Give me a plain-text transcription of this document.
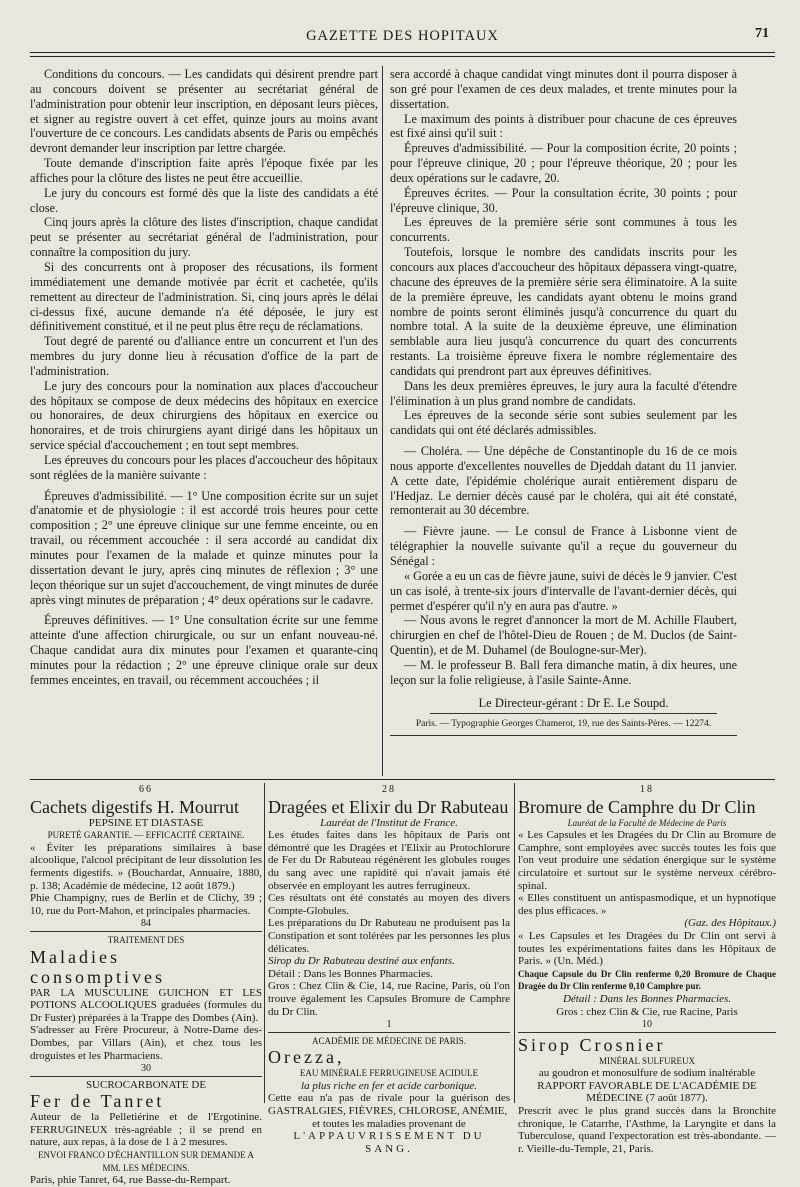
GAZETTE DES HOPITAUX	71

Conditions du concours. — Les candidats qui désirent prendre part au concours doivent se présenter au secrétariat général de l'administration pour obtenir leur inscription, en déposant leurs pièces, et signer au registre ouvert à cet effet, quinze jours au moins avant l'ouverture de ce concours. Les candidats absents de Paris ou empêchés devront demander leur inscription par lettre chargée.

Toute demande d'inscription faite après l'époque fixée par les affiches pour la clôture des listes ne peut être accueillie.

Le jury du concours est formé dès que la liste des candidats a été close.

Cinq jours après la clôture des listes d'inscription, chaque candidat peut se présenter au secrétariat général de l'administration, pour connaître la composition du jury.

Si des concurrents ont à proposer des récusations, ils forment immédiatement une demande motivée par écrit et cachetée, qu'ils remettent au directeur de l'administration. Si, cinq jours après le délai ci-dessus fixé, aucune demande n'a été déposée, le jury est définitivement constitué, et il ne peut plus être reçu de réclamations.

Tout degré de parenté ou d'alliance entre un concurrent et l'un des membres du jury donne lieu à récusation d'office de la part de l'administration.

Le jury des concours pour la nomination aux places d'accoucheur des hôpitaux se compose de deux médecins des hôpitaux en exercice ou honoraires, de deux chirurgiens des hôpitaux en exercice ou honoraires, et de trois chirurgiens ayant dirigé dans les hôpitaux un service spécial d'accouchement ; en tout sept membres.

Les épreuves du concours pour les places d'accoucheur des hôpitaux sont réglées de la manière suivante :

Épreuves d'admissibilité. — 1° Une composition écrite sur un sujet d'anatomie et de physiologie : il est accordé trois heures pour cette composition ; 2° une épreuve clinique sur une femme enceinte, ou en travail, ou récemment accouchée : il sera accordé au candidat dix minutes pour l'examen de la malade et quinze minutes pour la dissertation devant le jury, après cinq minutes de réflexion ; 3° une leçon théorique sur un sujet d'accouchement, de vingt minutes de durée après vingt minutes de préparation ; 4° deux opérations sur le cadavre.

Épreuves définitives. — 1° Une consultation écrite sur une femme atteinte d'une affection chirurgicale, ou sur un enfant nouveau-né. Chaque candidat aura dix minutes pour l'examen et quarante-cinq minutes pour la rédaction ; 2° une épreuve clinique orale sur deux femmes enceintes, en travail, ou récemment accouchées ; il

sera accordé à chaque candidat vingt minutes dont il pourra disposer à son gré pour l'examen de ces deux malades, et trente minutes pour la dissertation.

Le maximum des points à distribuer pour chacune de ces épreuves est fixé ainsi qu'il suit :

Épreuves d'admissibilité. — Pour la composition écrite, 20 points ; pour l'épreuve clinique, 20 ; pour l'épreuve théorique, 20 ; pour les deux opérations sur le cadavre, 20.

Épreuves écrites. — Pour la consultation écrite, 30 points ; pour l'épreuve clinique, 30.

Les épreuves de la première série sont communes à tous les concurrents.

Toutefois, lorsque le nombre des candidats inscrits pour les concours aux places d'accoucheur des hôpitaux dépassera vingt-quatre, chacune des épreuves de la première série sera éliminatoire. A la suite de la première épreuve, les candidats ayant obtenu le moins grand nombre de points seront éliminés jusqu'à concurrence du quart du nombre total. A la suite de la deuxième épreuve, une élimination semblable aura lieu jusqu'à concurrence du quart des concurrents restants. La troisième épreuve fixera le nombre réglementaire des candidats qui prendront part aux épreuves définitives.

Dans les deux premières épreuves, le jury aura la faculté d'étendre l'élimination à un plus grand nombre de candidats.

Les épreuves de la seconde série sont subies seulement par les candidats qui ont été déclarés admissibles.

— Choléra. — Une dépêche de Constantinople du 16 de ce mois nous apporte d'excellentes nouvelles de Djeddah datant du 11 janvier. A cette date, l'épidémie cholérique aurait entièrement disparu de l'Hedjaz. Le dernier décès causé par le choléra, qui ait été constaté, remonterait au 30 décembre.

— Fièvre jaune. — Le consul de France à Lisbonne vient de télégraphier la nouvelle suivante qu'il a reçue du gouverneur du Sénégal :

« Gorée a eu un cas de fièvre jaune, suivi de décès le 9 janvier. C'est un cas isolé, à trente-six jours d'intervalle de l'avant-dernier décès, qui permet d'espérer qu'il n'y en aura pas d'autre. »

— Nous avons le regret d'annoncer la mort de M. Achille Flaubert, chirurgien en chef de l'hôtel-Dieu de Rouen ; de M. Duclos (de Saint-Quentin), et de M. Duhamel (de Boulogne-sur-Mer).

— M. le professeur B. Ball fera dimanche matin, à dix heures, une leçon sur la folie religieuse, à l'asile Sainte-Anne.

Le Directeur-gérant : Dr E. Le Soupd.
Paris. — Typographie Georges Chamerot, 19, rue des Saints-Pères. — 12274.
66
Cachets digestifs H. Mourrut
PEPSINE ET DIASTASE
PURETÉ GARANTIE. — EFFICACITÉ CERTAINE.
« Éviter les préparations similaires à base alcoolique, l'alcool précipitant de leur dissolution les ferments digestifs. » (Bouchardat, Annuaire, 1880, p. 138; Académie de médecine, 12 août 1879.)
Phie Champigny, rues de Berlin et de Clichy, 39 ; 10, rue du Port-Mahon, et principales pharmacies.
84
TRAITEMENT DES
Maladies consomptives
PAR LA MUSCULINE GUICHON ET LES POTIONS ALCOOLIQUES graduées (formules du Dr Fuster) préparées à la Trappe des Dombes (Ain).
S'adresser au Frère Procureur, à Notre-Dame des-Dombes, par Villars (Ain), et chez tous les droguistes et les Pharmaciens.
30
SUCROCARBONATE DE
Fer de Tanret
Auteur de la Pelletiérine et de l'Ergotinine. FERRUGINEUX très-agréable ; il se prend en nature, aux repas, à la dose de 1 à 2 mesures.
ENVOI FRANCO D'ÉCHANTILLON SUR DEMANDE A MM. LES MÉDECINS.
Paris, phie Tanret, 64, rue Basse-du-Rempart.
28
Dragées et Elixir du Dr Rabuteau
Lauréat de l'Institut de France.
Les études faites dans les hôpitaux de Paris ont démontré que les Dragées et l'Elixir au Protochlorure de Fer du Dr Rabuteau régénèrent les globules rouges du sang avec une rapidité qui n'avait jamais été observée en employant les autres ferrugineux.
Ces résultats ont été constatés au moyen des divers Compte-Globules.
Les préparations du Dr Rabuteau ne produisent pas la Constipation et sont tolérées par les personnes les plus délicates.
Sirop du Dr Rabuteau destiné aux enfants.
Détail : Dans les Bonnes Pharmacies.
Gros : Chez Clin & Cie, 14, rue Racine, Paris, où l'on trouve également les Capsules Bromure de Camphre du Dr Clin.
1
ACADÉMIE DE MÉDECINE DE PARIS.
Orezza,
EAU MINÉRALE FERRUGINEUSE ACIDULE
la plus riche en fer et acide carbonique.
Cette eau n'a pas de rivale pour la guérison des GASTRALGIES, FIÈVRES, CHLOROSE, ANÉMIE,
et toutes les maladies provenant de
L'APPAUVRISSEMENT DU SANG.
18
Bromure de Camphre du Dr Clin
Lauréat de la Faculté de Médecine de Paris
« Les Capsules et les Dragées du Dr Clin au Bromure de Camphre, sont employées avec succès toutes les fois que l'on veut produire une sédation énergique sur le système circulatoire et surtout sur le système nerveux cérébro-spinal.
« Elles constituent un antispasmodique, et un hypnotique des plus efficaces. »
(Gaz. des Hôpitaux.)
« Les Capsules et les Dragées du Dr Clin ont servi à toutes les expérimentations faites dans les Hôpitaux de Paris. » (Un. Méd.)
Chaque Capsule du Dr Clin renferme 0,20 Bromure de Chaque Dragée du Dr Clin renferme 0,10 Camphre pur.
Détail : Dans les Bonnes Pharmacies.
Gros : chez Clin & Cie, rue Racine, Paris
10
Sirop Crosnier
MINÉRAL SULFUREUX
au goudron et monosulfure de sodium inaltérable
RAPPORT FAVORABLE DE L'ACADÉMIE DE MÉDECINE (7 août 1877).
Prescrit avec le plus grand succès dans la Bronchite chronique, le Catarrhe, l'Asthme, la Laryngite et dans la Tuberculose, quand l'expectoration est très-abondante. — r. Vieille-du-Temple, 21, Paris.
